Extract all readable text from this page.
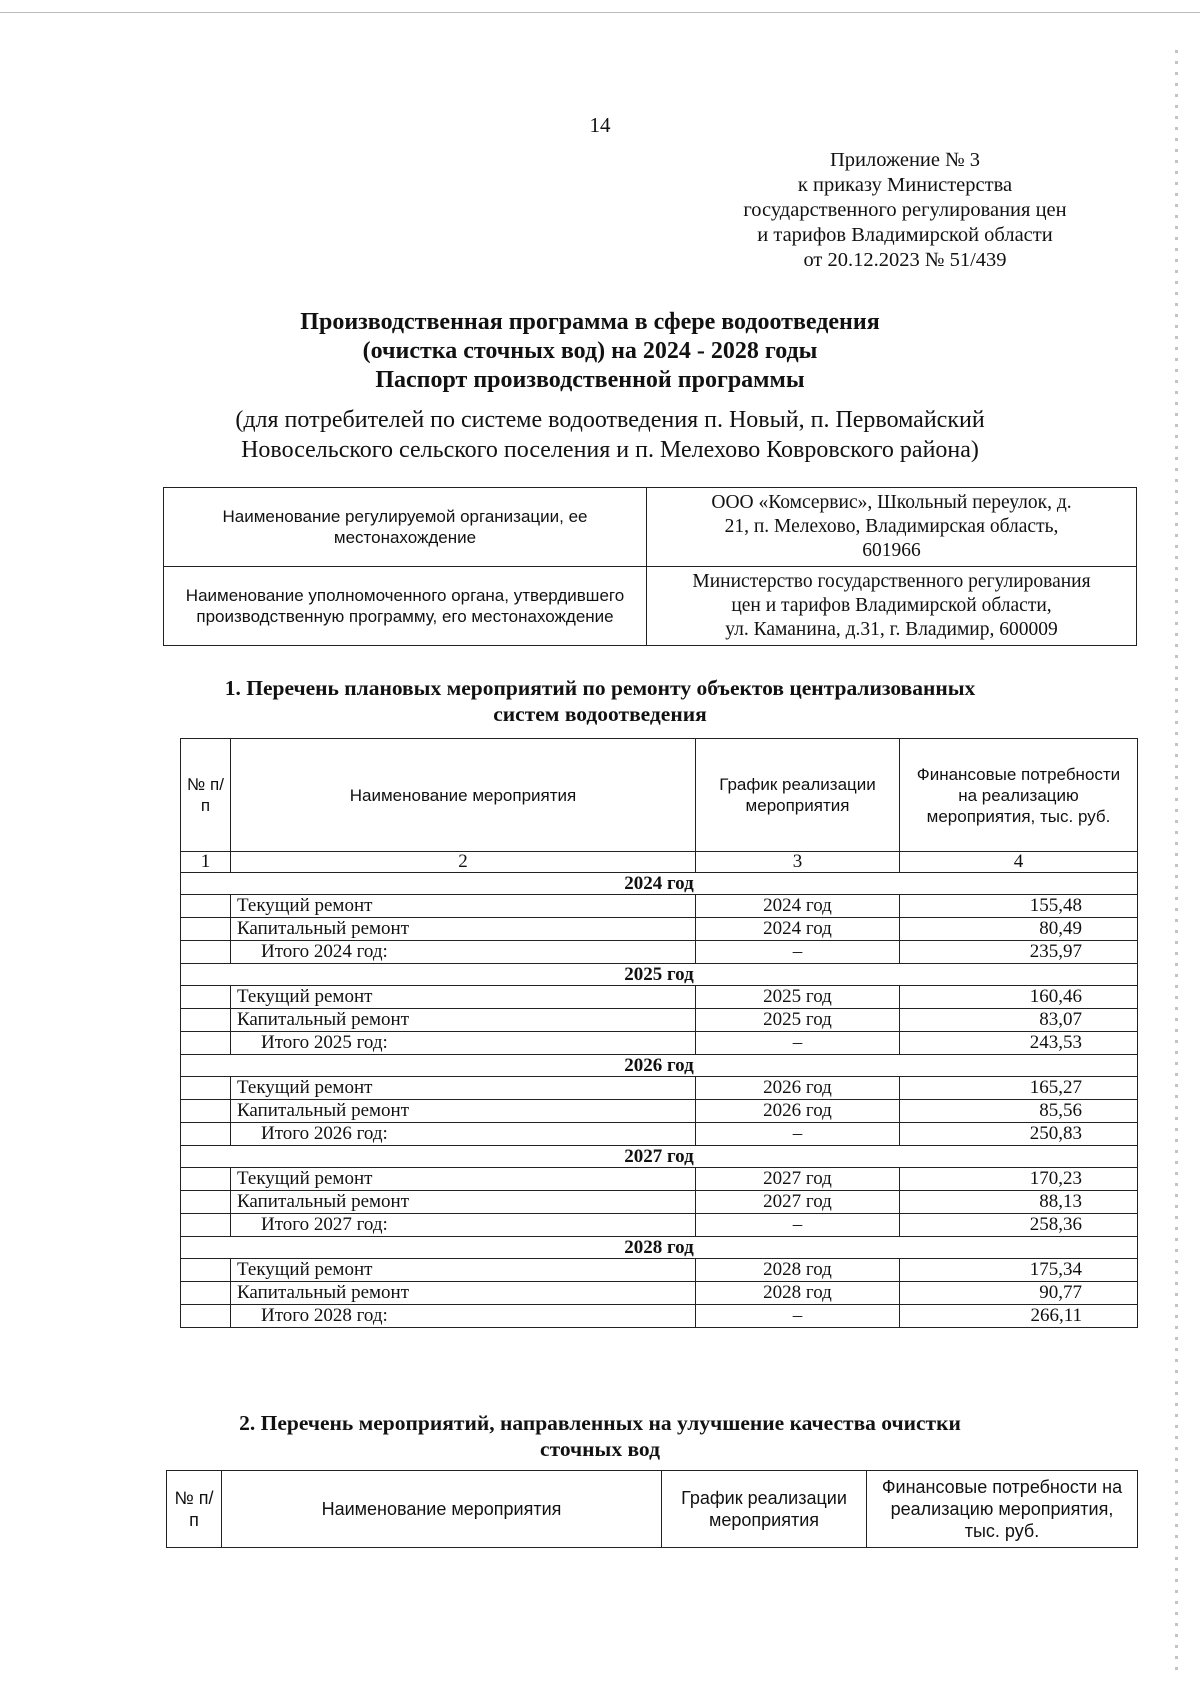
14
Приложение № 3
к приказу Министерства
государственного регулирования цен
и тарифов Владимирской области
от 20.12.2023 № 51/439
Производственная программа в сфере водоотведения
(очистка сточных вод) на 2024 - 2028 годы
Паспорт производственной программы
(для потребителей по системе водоотведения п. Новый, п. Первомайский
Новосельского сельского поселения и п. Мелехово Ковровского района)
Наименование регулируемой организации, ее местонахождение	ООО «Комсервис», Школьный переулок, д.
21, п. Мелехово, Владимирская область,
601966

Наименование уполномоченного органа, утвердившего производственную программу, его местонахождение	Министерство государственного регулирования
цен и тарифов Владимирской области,
ул. Каманина, д.31, г. Владимир, 600009
1. Перечень плановых мероприятий по ремонту объектов централизованных
систем водоотведения
№ п/п	Наименование мероприятия	График реализации мероприятия	Финансовые потребности на реализацию мероприятия, тыс. руб.
1	2	3	4
2024 год			
	Текущий ремонт	2024 год	155,48
	Капитальный ремонт	2024 год	80,49
	Итого 2024 год:	–	235,97
2025 год			
	Текущий ремонт	2025 год	160,46
	Капитальный ремонт	2025 год	83,07
	Итого 2025 год:	–	243,53
2026 год			
	Текущий ремонт	2026 год	165,27
	Капитальный ремонт	2026 год	85,56
	Итого 2026 год:	–	250,83
2027 год			
	Текущий ремонт	2027 год	170,23
	Капитальный ремонт	2027 год	88,13
	Итого 2027 год:	–	258,36
2028 год			
	Текущий ремонт	2028 год	175,34
	Капитальный ремонт	2028 год	90,77
	Итого 2028 год:	–	266,11
2. Перечень мероприятий, направленных на улучшение качества очистки
сточных вод
№ п/п	Наименование мероприятия	График реализации мероприятия	Финансовые потребности на реализацию мероприятия, тыс. руб.
